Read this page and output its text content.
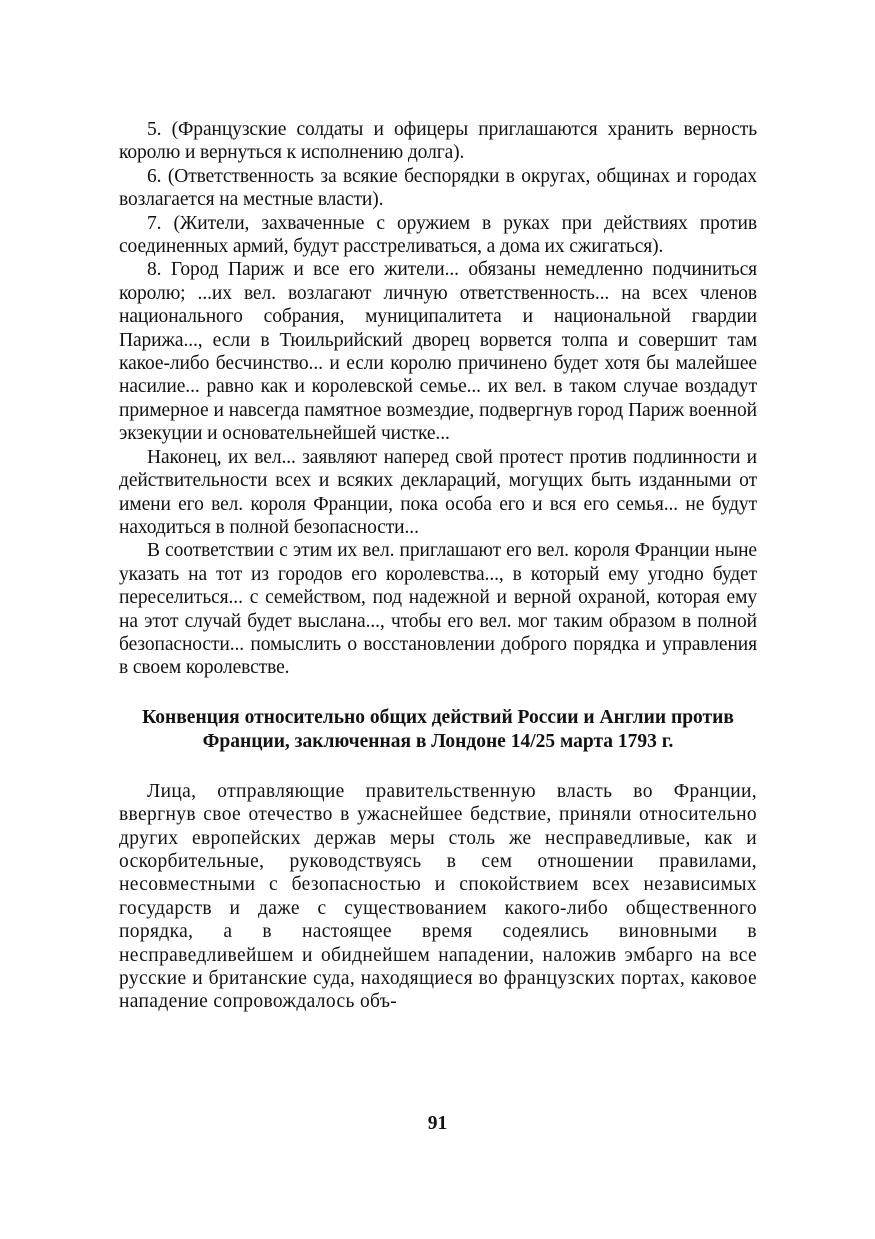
5. (Французские солдаты и офицеры приглашаются хранить верность королю и вернуться к исполнению долга).

6. (Ответственность за всякие беспорядки в округах, общинах и городах возлагается на местные власти).

7. (Жители, захваченные с оружием в руках при действиях против соединенных армий, будут расстреливаться, а дома их сжигаться).

8. Город Париж и все его жители... обязаны немедленно подчиниться королю; ...их вел. возлагают личную ответственность... на всех членов национального собрания, муниципалитета и национальной гвардии Парижа..., если в Тюильрийский дворец ворвется толпа и совершит там какое-либо бесчинство... и если королю причинено будет хотя бы малейшее насилие... равно как и королевской семье... их вел. в таком случае воздадут примерное и навсегда памятное возмездие, подвергнув город Париж военной экзекуции и основательнейшей чистке...

Наконец, их вел... заявляют наперед свой протест против подлинности и действительности всех и всяких деклараций, могущих быть изданными от имени его вел. короля Франции, пока особа его и вся его семья... не будут находиться в полной безопасности...

В соответствии с этим их вел. приглашают его вел. короля Франции ныне указать на тот из городов его королевства..., в который ему угодно будет переселиться... с семейством, под надежной и верной охраной, которая ему на этот случай будет выслана..., чтобы его вел. мог таким образом в полной безопасности... помыслить о восстановлении доброго порядка и управления в своем королевстве.

Конвенция относительно общих действий России и Англии против Франции, заключенная в Лондоне 14/25 марта 1793 г.

Лица, отправляющие правительственную власть во Франции, ввергнув свое отечество в ужаснейшее бедствие, приняли относительно других европейских держав меры столь же несправедливые, как и оскорбительные, руководствуясь в сем отношении правилами, несовместными с безопасностью и спокойствием всех независимых государств и даже с существованием какого-либо общественного порядка, а в настоящее время содеялись виновными в несправедливейшем и обиднейшем нападении, наложив эмбарго на все русские и британские суда, находящиеся во французских портах, каковое нападение сопровождалось объ-

91
